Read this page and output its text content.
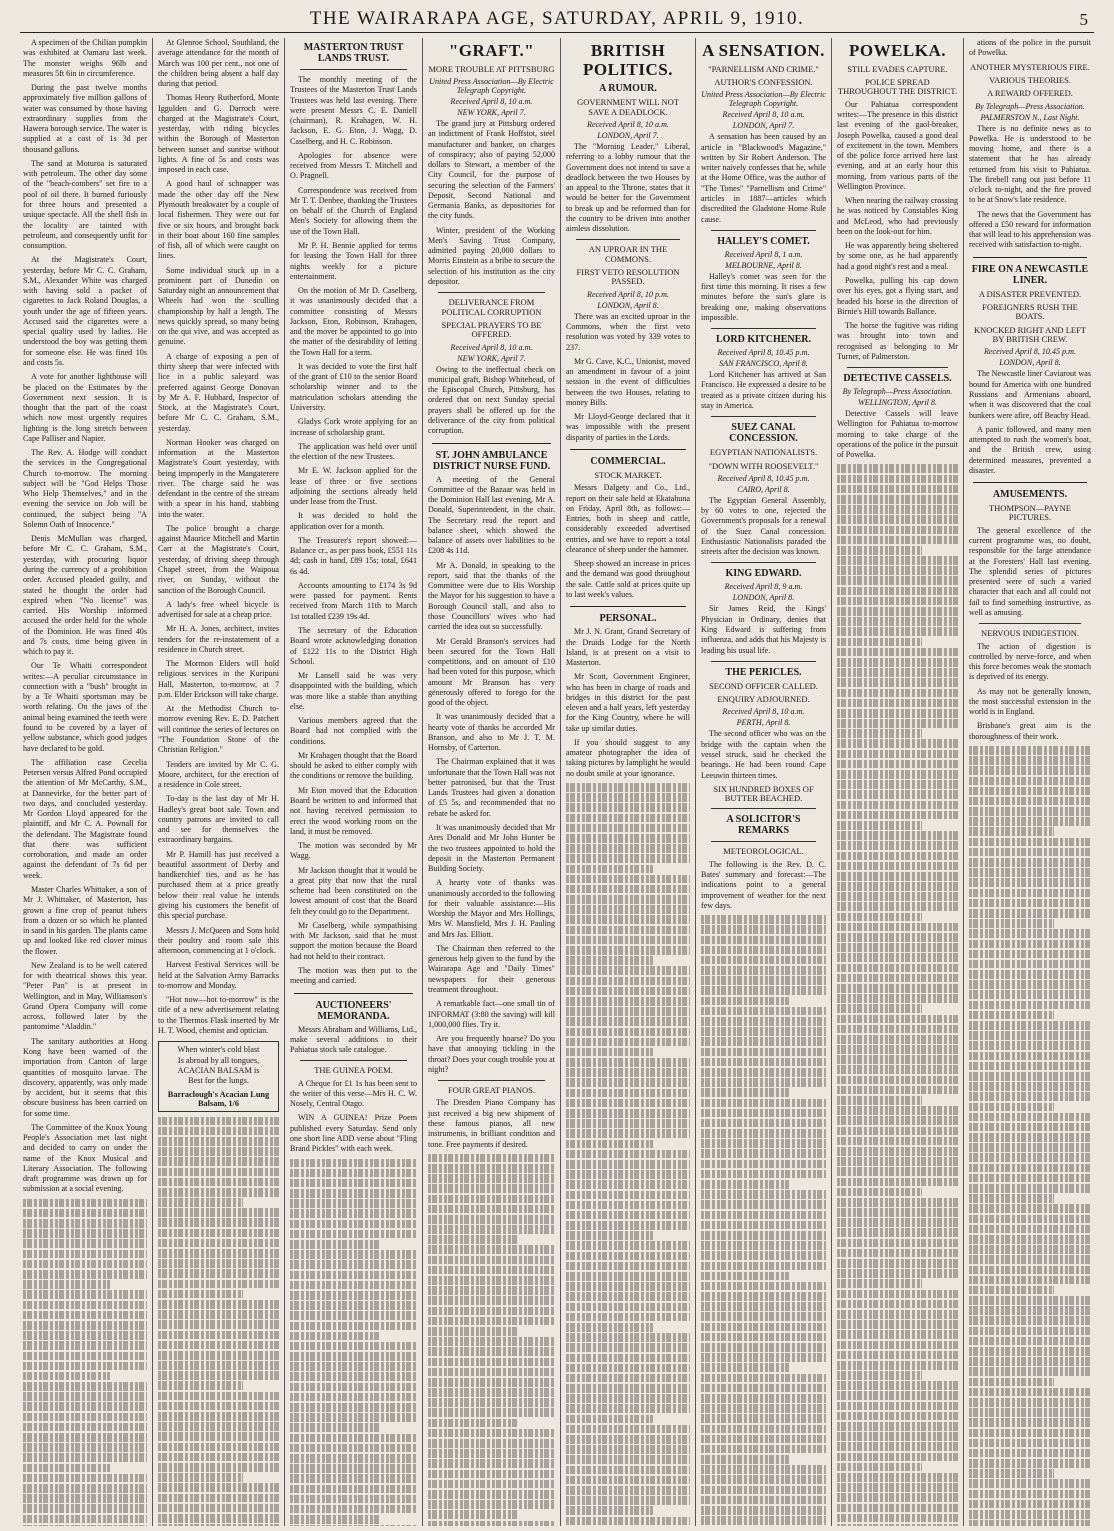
THE WAIRARAPA AGE, SATURDAY, APRIL 9, 1910.	5

A specimen of the Chilian pumpkin was exhibited at Oamaru last week. The monster weighs 96lb and measures 5ft 6in in circumference.

During the past twelve months approximately five million gallons of water was consumed by those having extraordinary supplies from the Hawera borough service. The water is supplied at a cost of 1s 3d per thousand gallons.

The sand at Moturoa is saturated with petroleum. The other day some of the "beach-combers" set fire to a pool of oil there. It burned furiously for three hours and presented a unique spectacle. All the shell fish in the locality are tainted with petroleum, and consequently unfit for consumption.

At the Magistrate's Court, yesterday, before Mr C. C. Graham, S.M., Alexander White was charged with having sold a packet of cigarettes to Jack Roland Douglas, a youth under the age of fifteen years. Accused said the cigarettes were a special quality used by ladies. He understood the boy was getting them for someone else. He was fined 10s and costs 5s.

A vote for another lighthouse will be placed on the Estimates by the Government next session. It is thought that the part of the coast which now most urgently requires lighting is the long stretch between Cape Palliser and Napier.

The Rev. A. Hodge will conduct the services in the Congregational Church to-morrow. The morning subject will be "God Helps Those Who Help Themselves," and in the evening the service on Job will be continued, the subject being "A Solemn Oath of Innocence."

Denis McMullan was charged, before Mr C. C. Graham, S.M., yesterday, with procuring liquor during the currency of a prohibition order. Accused pleaded guilty, and stated he thought the order had expired when "No license" was carried. His Worship informed accused the order held for the whole of the Dominion. He was fined 40s and 7s costs, time being given in which to pay it.

Our Te Whaiti correspondent writes:—A peculiar circumstance in connection with a "bush" brought in by a Te Whaiti sportsman may be worth relating. On the jaws of the animal being examined the teeth were found to be covered by a layer of yellow substance, which good judges have declared to be gold.

The affiliation case Cecelia Petersen versus Alfred Pond occupied the attention of Mr McCarthy, S.M., at Dannevirke, for the better part of two days, and concluded yesterday. Mr Gordon Lloyd appeared for the plaintiff, and Mr C. A. Pownall for the defendant. The Magistrate found that there was sufficient corroboration, and made an order against the defendant of 7s 6d per week.

Master Charles Whittaker, a son of Mr J. Whittaker, of Masterton, has grown a fine crop of peanut tubers from a dozen or so which he planted in sand in his garden. The plants came up and looked like red clover minus the flower.

New Zealand is to be well catered for with theatrical shows this year. "Peter Pan" is at present in Wellington, and in May, Williamson's Grand Opera Company will come across, followed later by the pantomime "Aladdin."

The sanitary authorities at Hong Kong have been warned of the importation from Canton of large quantities of mosquito larvae. The discovery, apparently, was only made by accident, but it seems that this obscure business has been carried on for some time.

The Committee of the Knox Young People's Association met last night and decided to carry on under the name of the Knox Musical and Literary Association. The following draft programme was drawn up for submission at a social evening.

At Glenroe School, Southland, the average attendance for the month of March was 100 per cent., not one of the children being absent a half day during that period.

Thomas Henry Rutherford, Monte Iggulden and G. Darroch were charged at the Magistrate's Court, yesterday, with riding bicycles within the Borough of Masterton between sunset and sunrise without lights. A fine of 5s and costs was imposed in each case.

A good haul of schnapper was made the other day off the New Plymouth breakwater by a couple of local fishermen. They were out for five or six hours, and brought back in their boat about 160 fine samples of fish, all of which were caught on lines.

Some individual stuck up in a prominent part of Dunedin on Saturday night an announcement that Wheels had won the sculling championship by half a length. The news quickly spread, so many being on the qui vive, and was accepted as genuine.

A charge of exposing a pen of thirty sheep that were infected with lice in a public saleyard was preferred against George Donovan by Mr A. F. Hubbard, Inspector of Stock, at the Magistrate's Court, before Mr C. C. Graham, S.M., yesterday.

Norman Hooker was charged on information at the Masterton Magistrate's Court yesterday, with being improperly in the Mangaterere river. The charge said he was defendant in the centre of the stream with a spear in his hand, stabbing into the water.

The police brought a charge against Maurice Mitchell and Martin Carr at the Magistrate's Court, yesterday, of driving sheep through Chapel street, from the Waipoua river, on Sunday, without the sanction of the Borough Council.

A lady's free wheel bicycle is advertised for sale at a cheap price.

Mr H. A. Jones, architect, invites tenders for the re-instatement of a residence in Church street.

The Mormon Elders will hold religious services in the Kuripuni Hall, Masterton, to-morrow, at 7 p.m. Elder Erickson will take charge.

At the Methodist Church to-morrow evening Rev. E. D. Patchett will continue the series of lectures on "The Foundation Stone of the Christian Religion."

Tenders are invited by Mr C. G. Moore, architect, for the erection of a residence in Cole street.

To-day is the last day of Mr H. Hadley's great boot sale. Town and country patrons are invited to call and see for themselves the extraordinary bargains.

Mr P. Hamill has just received a beautiful assortment of Derby and handkerchief ties, and as he has purchased them at a price greatly below their real value he intends giving his customers the benefit of this special purchase.

Messrs J. McQueen and Sons hold their poultry and room sale this afternoon, commencing at 1 o'clock.

Harvest Festival Services will be held at the Salvation Army Barracks to-morrow and Monday.

"Hot now—hot to-morrow" is the title of a new advertisement relating to the Thermos Flask inserted by Mr H. T. Wood, chemist and optician.

When winter's cold blast
Is abroad by all tongues,
ACACIAN BALSAM is
Best for the lungs.
Barraclough's Acacian Lung Balsam, 1/6
MASTERTON TRUST LANDS TRUST.

The monthly meeting of the Trustees of the Masterton Trust Lands Trustees was held last evening. There were present Messrs C. E. Daniell (chairman), R. Krahagen, W. H. Jackson, E. G. Eton, J. Wagg, D. Caselberg, and H. C. Robinson.

Apologies for absence were received from Messrs T. Mitchell and O. Pragnell.

Correspondence was received from Mr T. T. Denbee, thanking the Trustees on behalf of the Church of England Men's Society for allowing them the use of the Town Hall.

Mr P. H. Bennie applied for terms for leasing the Town Hall for three nights weekly for a picture entertainment.

On the motion of Mr D. Caselberg, it was unanimously decided that a committee consisting of Messrs Jackson, Eton, Robinson, Krahagen, and the mover be appointed to go into the matter of the desirability of letting the Town Hall for a term.

It was decided to vote the first half of the grant of £10 to the senior Board scholarship winner and to the matriculation scholars attending the University.

Gladys Cork wrote applying for an increase of scholarship grant.

The application was held over until the election of the new Trustees.

Mr E. W. Jackson applied for the lease of three or five sections adjoining the sections already held under lease from the Trust.

It was decided to hold the application over for a month.

The Treasurer's report showed:—Balance cr., as per pass book, £551 11s 4d; cash in hand, £89 15s; total, £641 6s 4d.

Accounts amounting to £174 3s 9d were passed for payment. Rents received from March 11th to March 1st totalled £239 19s 4d.

The secretary of the Education Board wrote acknowledging donation of £122 11s to the District High School.

Mr Lansell said he was very disappointed with the building, which was more like a stable than anything else.

Various members agreed that the Board had not complied with the conditions.

Mr Krahagen thought that the Board should be asked to either comply with the conditions or remove the building.

Mr Eton moved that the Education Board be written to and informed that not having received permission to erect the wood working room on the land, it must be removed.

The motion was seconded by Mr Wagg.

Mr Jackson thought that it would be a great pity that now that the rural scheme had been constituted on the lowest amount of cost that the Board felt they could go to the Department.

Mr Caselberg, while sympathising with Mr Jackson, said that he must support the motion because the Board had not held to their contract.

The motion was then put to the meeting and carried.

AUCTIONEERS' MEMORANDA.

Messrs Abraham and Williams, Ltd., make several additions to their Pahiatua stock sale catalogue.

THE GUINEA POEM.

A Cheque for £1 1s has been sent to the writer of this verse—Mrs H. C. W. Nosely, Central Otago.

WIN A GUINEA! Prize Poem published every Saturday. Send only one short line ADD verse about "Fling Brand Pickles" with each week.

"GRAFT."
MORE TROUBLE AT PITTSBURG
United Press Association—By Electric Telegraph Copyright.
Received April 8, 10 a.m.
NEW YORK, April 7.

The grand jury at Pittsburg ordered an indictment of Frank Hoffstot, steel manufacturer and banker, on charges of conspiracy; also of paying 52,000 dollars to Stewart, a member of the City Council, for the purpose of securing the selection of the Farmers' Deposit, Second National and Germania Banks, as depositories for the city funds.

Winter, president of the Working Men's Saving Trust Company, admitted paying 20,000 dollars to Morris Einstein as a bribe to secure the selection of his institution as the city depositor.

DELIVERANCE FROM POLITICAL CORRUPTION
SPECIAL PRAYERS TO BE OFFERED.
Received April 8, 10 a.m.
NEW YORK, April 7.

Owing to the ineffectual check on municipal graft, Bishop Whitehead, of the Episcopal Church, Pittsburg, has ordered that on next Sunday special prayers shall be offered up for the deliverance of the city from political corruption.

ST. JOHN AMBULANCE DISTRICT NURSE FUND.

A meeting of the General Committee of the Bazaar was held in the Dominion Hall last evening, Mr A. Donald, Superintendent, in the chair. The Secretary read the report and balance sheet, which showed the balance of assets over liabilities to be £208 4s 11d.

Mr A. Donald, in speaking to the report, said that the thanks of the Committee were due to His Worship the Mayor for his suggestion to have a Borough Council stall, and also to those Councillors' wives who had carried the idea out so successfully.

Mr Gerald Branson's services had been secured for the Town Hall competitions, and on amount of £10 had been voted for this purpose, which amount Mr Branson has very generously offered to forego for the good of the object.

It was unanimously decided that a hearty vote of thanks be accorded Mr Branson, and also to Mr J. T. M. Hornsby, of Carterton.

The Chairman explained that it was unfortunate that the Town Hall was not better patronised, but that the Trust Lands Trustees had given a donation of £5 5s, and recommended that no rebate be asked for.

It was unanimously decided that Mr Ares Donald and Mr John Hunter be the two trustees appointed to hold the deposit in the Masterton Permanent Building Society.

A hearty vote of thanks was unanimously accorded to the following for their valuable assistance:—His Worship the Mayor and Mrs Hollings, Mrs W. Mansfield, Mrs J. H. Pauling and Mrs Jas. Elliott.

The Chairman then referred to the generous help given to the fund by the Wairarapa Age and "Daily Times" newspapers for their generous treatment throughout.

A remarkable fact—one small tin of INFORMAT (3:80 the saving) will kill 1,000,000 flies. Try it.

Are you frequently hoarse? Do you have that annoying tickling in the throat? Does your cough trouble you at night?

FOUR GREAT PIANOS.

The Dresden Piano Company has just received a big new shipment of these famous pianos, all new instruments, in brilliant condition and tone. Free payments if desired.

BRITISH POLITICS.
A RUMOUR.
GOVERNMENT WILL NOT SAVE A DEADLOCK.
Received April 8, 10 a.m.
LONDON, April 7.

The "Morning Leader," Liberal, referring to a lobby rumour that the Government does not intend to save a deadlock between the two Houses by an appeal to the Throne, states that it would be better for the Government to break up and be reformed than for the country to be driven into another aimless dissolution.

AN UPROAR IN THE COMMONS.
FIRST VETO RESOLUTION PASSED.
Received April 8, 10 p.m.
LONDON, April 8.

There was an excited uproar in the Commons, when the first veto resolution was voted by 339 votes to 237.

Mr G. Cave, K.C., Unionist, moved an amendment in favour of a joint session in the event of difficulties between the two Houses, relating to money Bills.

Mr Lloyd-George declared that it was impossible with the present disparity of parties in the Lords.

COMMERCIAL.
STOCK MARKET.

Messrs Dalgety and Co., Ltd., report on their sale held at Ekatahuna on Friday, April 8th, as follows:—Entries, both in sheep and cattle, considerably exceeded advertised entries, and we have to report a total clearance of sheep under the hammer.

Sheep showed an increase in prices and the demand was good throughout the sale. Cattle sold at prices quite up to last week's values.

PERSONAL.

Mr J. N. Grant, Grand Secretary of the Druids Lodge for the North Island, is at present on a visit to Masterton.

Mr Scott, Government Engineer, who has been in charge of roads and bridges in this district for the past eleven and a half years, left yesterday for the King Country, where he will take up similar duties.

If you should suggest to any amateur photographer the idea of taking pictures by lamplight he would no doubt smile at your ignorance.

A SENSATION.
"PARNELLISM AND CRIME."
AUTHOR'S CONFESSION.
United Press Association—By Electric Telegraph Copyright.
Received April 8, 10 a.m.
LONDON, April 7.

A sensation has been caused by an article in "Blackwood's Magazine," written by Sir Robert Anderson. The writer naively confesses that he, while at the Home Office, was the author of "The Times" "Parnellism and Crime" articles in 1887—articles which discredited the Gladstone Home Rule cause.

HALLEY'S COMET.
Received April 8, 1 a.m.
MELBOURNE, April 8.

Halley's comet was seen for the first time this morning. It rises a few minutes before the sun's glare is breaking one, making observations impossible.

LORD KITCHENER.
Received April 8, 10.45 p.m.
SAN FRANCISCO, April 8.

Lord Kitchener has arrived at San Francisco. He expressed a desire to be treated as a private citizen during his stay in America.

SUEZ CANAL CONCESSION.
EGYPTIAN NATIONALISTS.
"DOWN WITH ROOSEVELT."
Received April 8, 10.45 p.m.
CAIRO, April 8.

The Egyptian General Assembly, by 60 votes to one, rejected the Government's proposals for a renewal of the Suez Canal concession. Enthusiastic Nationalists paraded the streets after the decision was known.

KING EDWARD.
Received April 8, 9 a.m.
LONDON, April 8.

Sir James Reid, the Kings' Physician in Ordinary, denies that King Edward is suffering from influenza, and adds that his Majesty is leading his usual life.

THE PERICLES.
SECOND OFFICER CALLED.
ENQUIRY ADJOURNED.
Received April 8, 10 a.m.
PERTH, April 8.

The second officer who was on the bridge with the captain when the vessel struck, said he checked the bearings. He had been round Cape Leeuwin thirteen times.

SIX HUNDRED BOXES OF BUTTER BEACHED.
A SOLICITOR'S REMARKS
METEOROLOGICAL.

The following is the Rev. D. C. Bates' summary and forecast:—The indications point to a general improvement of weather for the next few days.

POWELKA.
STILL EVADES CAPTURE.
POLICE SPREAD THROUGHOUT THE DISTRICT.

Our Pahiatua correspondent writes:—The presence in this district last evening of the gaol-breaker, Joseph Powelka, caused a good deal of excitement in the town. Members of the police force arrived here last evening, and at an early hour this morning, from various parts of the Wellington Province.

When nearing the railway crossing he was noticed by Constables King and McLeod, who had previously been on the look-out for him.

He was apparently being sheltered by some one, as he had apparently had a good night's rest and a meal.

Powelka, pulling his cap down over his eyes, got a flying start, and headed his horse in the direction of Birnie's Hill towards Ballance.

The horse the fugitive was riding was brought into town and recognised as belonging to Mr Turner, of Palmerston.

DETECTIVE CASSELS.
By Telegraph—Press Association.
WELLINGTON, April 8.

Detective Cassels will leave Wellington for Pahiatua to-morrow morning to take charge of the operations of the police in the pursuit of Powelka.

ations of the police in the pursuit of Powelka.

ANOTHER MYSTERIOUS FIRE.
VARIOUS THEORIES.
A REWARD OFFERED.
By Telegraph—Press Association.
PALMERSTON N., Last Night.

There is no definite news as to Powelka. He is understood to be moving home, and there is a statement that he has already returned from his visit to Pahiatua. The firebell rang out just before 11 o'clock to-night, and the fire proved to be at Snow's late residence.

The news that the Government has offered a £50 reward for information that will lead to his apprehension was received with satisfaction to-night.

FIRE ON A NEWCASTLE LINER.
A DISASTER PREVENTED.
FOREIGNERS RUSH THE BOATS.
KNOCKED RIGHT AND LEFT BY BRITISH CREW.
Received April 8, 10.45 p.m.
LONDON, April 8.

The Newcastle liner Caviarout was bound for America with one hundred Russians and Armenians aboard, when it was discovered that the coal bunkers were afire, off Beachy Head.

A panic followed, and many men attempted to rush the women's boat, and the British crew, using determined measures, prevented a disaster.

AMUSEMENTS.
THOMPSON—PAYNE PICTURES.

The general excellence of the current programme was, no doubt, responsible for the large attendance at the Foresters' Hall last evening. The splendid series of pictures presented were of such a varied character that each and all could not fail to find something instructive, as well as amusing.

NERVOUS INDIGESTION.

The action of digestion is controlled by nerve-force, and when this force becomes weak the stomach is deprived of its energy.

As may not be generally known, the most successful extension in the world is in England.

Brisbane's great aim is the thoroughness of their work.
